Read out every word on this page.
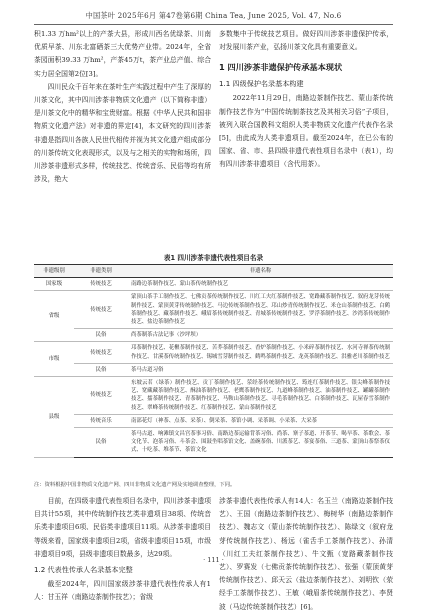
中国茶叶 2025年6月 第47卷第6期 China Tea, June 2025, Vol. 47, No.6

积1.33 万hm²以上的产茶大县，形成川西名优绿茶、川南优质早茶、川东北富硒茶三大优势产业带。2024年，全省茶园面积39.33 万hm²，产茶45万t，茶产业总产值、综合实力居全国第2位[3]。

四川民众千百年来在茶叶生产实践过程中产生了深厚的川茶文化，其中四川涉茶非物质文化遗产（以下简称非遗）是川茶文化中的精华和宝贵财富。根据《中华人民共和国非物质文化遗产法》对非遗的界定[4]，本文研究的四川涉茶非遗是指四川各族人民世代相传并视为其文化遗产组成部分的川茶传统文化表现形式，以及与之相关的实物和场所，四川涉茶非遗形式多样，传统技艺、传统音乐、民俗等均有所涉及，绝大

多数集中于传统技艺项目。做好四川涉茶非遗保护传承，对发展川茶产业，弘扬川茶文化具有重要意义。

1 四川涉茶非遗保护传承基本现状
1.1 四级保护名录基本构建

2022年11月29日，南路边茶制作技艺、蒙山茶传统制作技艺作为“中国传统制茶技艺及其相关习俗”子项目，被列入联合国教科文组织人类非物质文化遗产代表作名录[5]，由此成为人类非遗项目。截至2024年，在已公布的国家、省、市、县四级非遗代表性项目名录中（表1），均有四川涉茶非遗项目（含代用茶）。

表1 四川涉茶非遗代表性项目名录
非遗级别	非遗类别	非遗名称
国家级	传统技艺	南路边茶制作技艺、蒙山茶传统制作技艺
省级	传统技艺	蒙顶山茶手工制作技艺、七佛贡茶传统制作技艺、川红工夫红茶制作技艺、宽路藏茶制作技艺、叙府龙芽传统制作技艺、蒙顶黄芽传统制作技艺、马边传统茶制作技艺、邛山炒青传统制作技艺、米仓山茶制作技艺、白鹤茶制作技艺、藏茶制作技艺、峨眉茶传统制作技艺、青城茶传统制作技艺、罗浮茶制作技艺、沙湾茶传统制作技艺、盐边茶制作技艺
	民俗	尚茶制茶古法记事（沙坪坝）
市级	传统技艺	邛茶制作技艺、花楸茶制作技艺、苦荞茶制作技艺、香炉茶制作技艺、小米碎茶制作技艺、水河寺禅茶传统制作技艺、甘溪茶传统制作技艺、锡城雪芽制作技艺、鹤鸣茶制作技艺、龙英茶制作技艺、洪雅老川茶制作技艺
	民俗	茶马古道习俗
县级	传统技艺	东坡云茗（绿茶）制作技艺、贡丁茶制作技艺、荥经茶传统制作技艺、筠连红茶制作技艺、银尖峰茶制作技艺、宽藏藏茶制作技艺、酥油茶制作技艺、老鹰茶制作技艺、九道峰茶制作技艺、油茶制作技艺、罐罐茶制作技艺、擂茶制作技艺、青茶制作技艺、马鞍山茶制作技艺、寻毛茶制作技艺、白茶制作技艺、瓦屋春雪茶制作技艺、翠峰茶传统制作技艺、红茶制作技艺、蒙山茶制作技艺
	传统音乐	南部花灯（神茶、点茶、采茶）、倒采茶、茶馆小调、采茶调、小采茶、大采茶
	民俗	茶马古道、响滩镇文昌宫茶事习俗、南路边茶运输背茶习俗、尚茶、寨子茶道、开茶节、喝早茶、茶歌会、茶文化节、泡茶习俗、斗茶会、围鼓坐唱茶馆文化、盖碗茶俗、川派茶艺、茶宴茶俗、三道茶、蒙顶山茶祭茶仪式、十吃茶、堆茶节、茶馆文化
注：资料根据中国非物质文化遗产网、四川非物质文化遗产网及实地调查整理，下同。

目前，在四级非遗代表性项目名录中，四川涉茶非遗项目共计55项，其中传统制作技艺类非遗项目38项、传统音乐类非遗项目6项、民俗类非遗项目11项。从涉茶非遗项目等级来看，国家级非遗项目2项，省级非遗项目15项，市级非遗项目9项，县级非遗项目数最多，达29项。

1.2 代表性传承人名录基本完整

截至2024年，四川国家级涉茶非遗代表性传承人有1人：甘玉祥（南路边茶制作技艺）；省级

涉茶非遗代表性传承人有14人：名玉兰（南路边茶制作技艺）、王国（南路边茶制作技艺）、梅树华（南路边茶制作技艺）、魏志文（蒙山茶传统制作技艺）、陈绿文（叙府龙芽传统制作技艺）、杨远（雀舌手工茶制作技艺）、孙清（川红工夫红茶制作技艺）、牛文甄（宽路藏茶制作技艺）、罗赛发（七佛贡茶传统制作技艺）、张强（蒙顶黄芽传统制作技艺）、邱天云（盐边茶制作技艺）、刘明钦（荥经手工茶制作技艺）、王敏（峨眉茶传统制作技艺）、李贤波（马边传统茶制作技艺）[6]。

· 111 ·
